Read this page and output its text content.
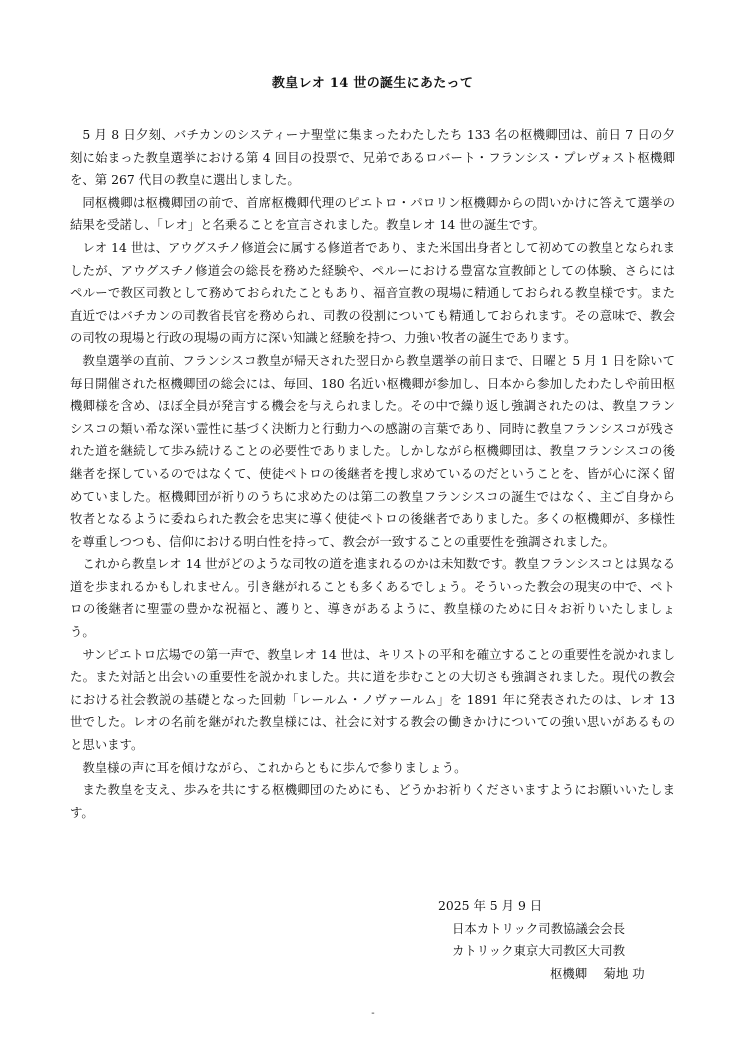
教皇レオ 14 世の誕生にあたって

5 月 8 日夕刻、バチカンのシスティーナ聖堂に集まったわたしたち 133 名の枢機卿団は、前日 7 日の夕刻に始まった教皇選挙における第 4 回目の投票で、兄弟であるロバート・フランシス・プレヴォスト枢機卿を、第 267 代目の教皇に選出しました。

同枢機卿は枢機卿団の前で、首席枢機卿代理のピエトロ・パロリン枢機卿からの問いかけに答えて選挙の結果を受諾し、「レオ」と名乗ることを宣言されました。教皇レオ 14 世の誕生です。

レオ 14 世は、アウグスチノ修道会に属する修道者であり、また米国出身者として初めての教皇となられましたが、アウグスチノ修道会の総長を務めた経験や、ペルーにおける豊富な宣教師としての体験、さらにはペルーで教区司教として務めておられたこともあり、福音宣教の現場に精通しておられる教皇様です。また直近ではバチカンの司教省長官を務められ、司教の役割についても精通しておられます。その意味で、教会の司牧の現場と行政の現場の両方に深い知識と経験を持つ、力強い牧者の誕生であります。

教皇選挙の直前、フランシスコ教皇が帰天された翌日から教皇選挙の前日まで、日曜と 5 月 1 日を除いて毎日開催された枢機卿団の総会には、毎回、180 名近い枢機卿が参加し、日本から参加したわたしや前田枢機卿様を含め、ほぼ全員が発言する機会を与えられました。その中で繰り返し強調されたのは、教皇フランシスコの類い希な深い霊性に基づく決断力と行動力への感謝の言葉であり、同時に教皇フランシスコが残された道を継続して歩み続けることの必要性でありました。しかしながら枢機卿団は、教皇フランシスコの後継者を探しているのではなくて、使徒ペトロの後継者を捜し求めているのだということを、皆が心に深く留めていました。枢機卿団が祈りのうちに求めたのは第二の教皇フランシスコの誕生ではなく、主ご自身から牧者となるように委ねられた教会を忠実に導く使徒ペトロの後継者でありました。多くの枢機卿が、多様性を尊重しつつも、信仰における明白性を持って、教会が一致することの重要性を強調されました。

これから教皇レオ 14 世がどのような司牧の道を進まれるのかは未知数です。教皇フランシスコとは異なる道を歩まれるかもしれません。引き継がれることも多くあるでしょう。そういった教会の現実の中で、ペトロの後継者に聖霊の豊かな祝福と、護りと、導きがあるように、教皇様のために日々お祈りいたしましょう。

サンピエトロ広場での第一声で、教皇レオ 14 世は、キリストの平和を確立することの重要性を説かれました。また対話と出会いの重要性を説かれました。共に道を歩むことの大切さも強調されました。現代の教会における社会教説の基礎となった回勅「レールム・ノヴァールム」を 1891 年に発表されたのは、レオ 13 世でした。レオの名前を継がれた教皇様には、社会に対する教会の働きかけについての強い思いがあるものと思います。

教皇様の声に耳を傾けながら、これからともに歩んで参りましょう。

また教皇を支え、歩みを共にする枢機卿団のためにも、どうかお祈りくださいますようにお願いいたします。

2025 年 5 月 9 日

日本カトリック司教協議会会長

カトリック東京大司教区大司教

枢機卿　 菊地 功

-
